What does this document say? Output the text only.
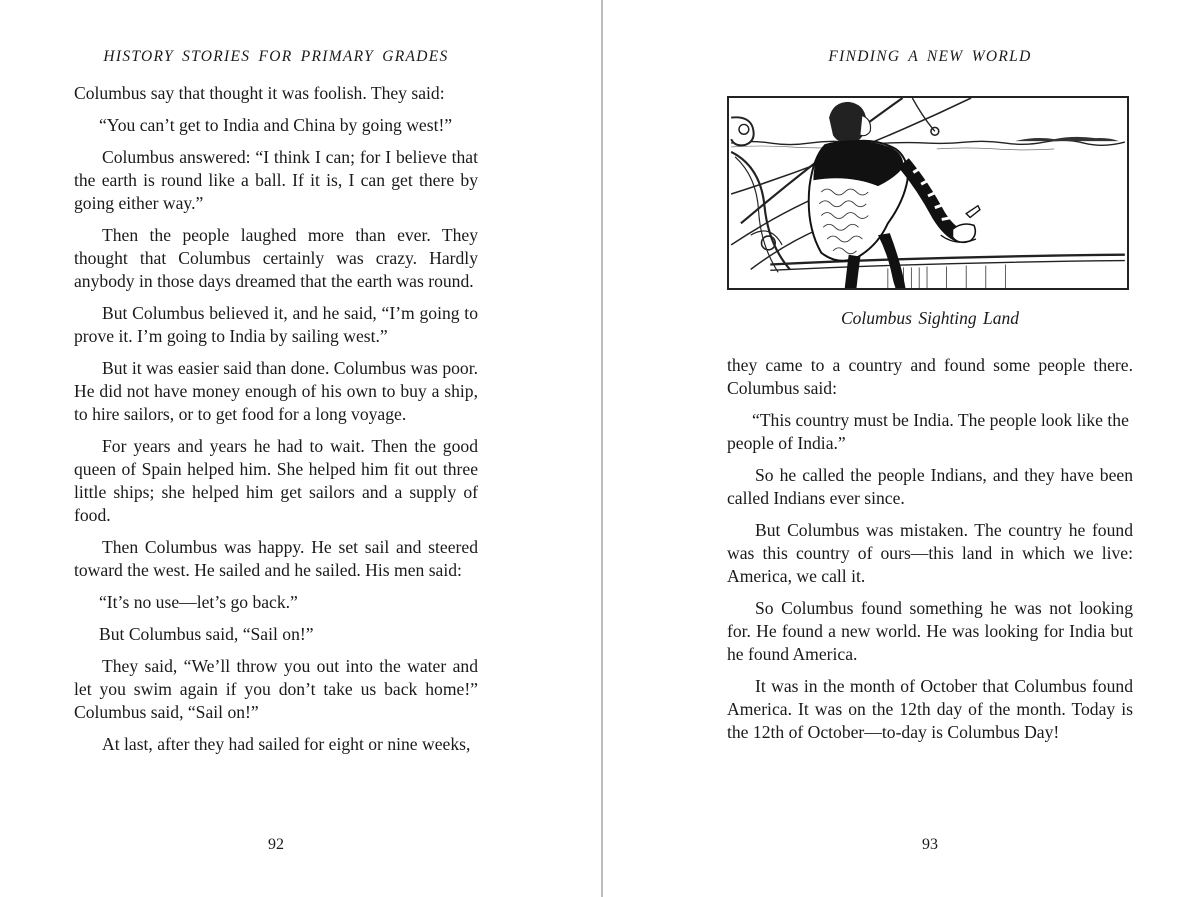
HISTORY STORIES FOR PRIMARY GRADES

Columbus say that thought it was foolish. They said:

“You can’t get to India and China by going west!”

Columbus answered: “I think I can; for I believe that the earth is round like a ball. If it is, I can get there by going either way.”

Then the people laughed more than ever. They thought that Columbus certainly was crazy. Hardly anybody in those days dreamed that the earth was round.

But Columbus believed it, and he said, “I’m going to prove it. I’m going to India by sailing west.”

But it was easier said than done. Columbus was poor. He did not have money enough of his own to buy a ship, to hire sailors, or to get food for a long voyage.

For years and years he had to wait. Then the good queen of Spain helped him. She helped him fit out three little ships; she helped him get sailors and a supply of food.

Then Columbus was happy. He set sail and steered toward the west. He sailed and he sailed. His men said:

“It’s no use—let’s go back.”

But Columbus said, “Sail on!”

They said, “We’ll throw you out into the water and let you swim again if you don’t take us back home!” Columbus said, “Sail on!”

At last, after they had sailed for eight or nine weeks,

92
FINDING A NEW WORLD
Columbus Sighting Land

they came to a country and found some people there. Columbus said:

“This country must be India. The people look like the people of India.”

So he called the people Indians, and they have been called Indians ever since.

But Columbus was mistaken. The country he found was this country of ours—this land in which we live: America, we call it.

So Columbus found something he was not looking for. He found a new world. He was looking for India but he found America.

It was in the month of October that Columbus found America. It was on the 12th day of the month. Today is the 12th of October—to-day is Columbus Day!

93
